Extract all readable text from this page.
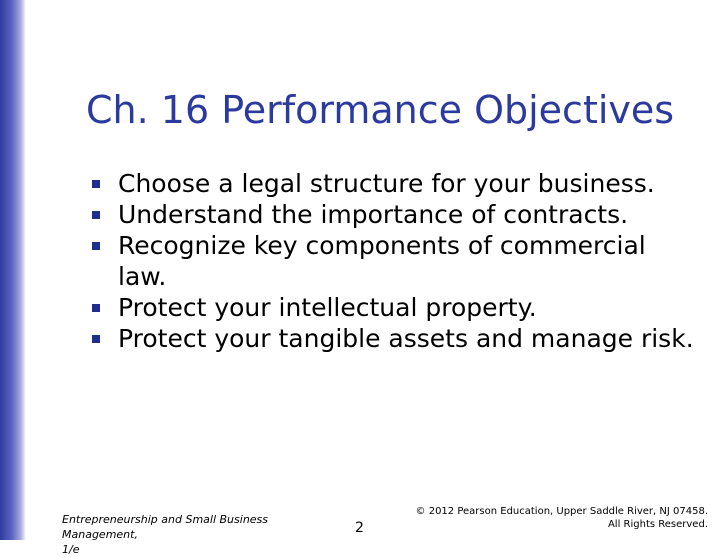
Ch. 16 Performance Objectives
Choose a legal structure for your business.
Understand the importance of contracts.
Recognize key components of commercial law.
Protect your intellectual property.
Protect your tangible assets and manage risk.
Entrepreneurship and Small Business Management,
1/e
2
© 2012 Pearson Education, Upper Saddle River, NJ 07458.
All Rights Reserved.
